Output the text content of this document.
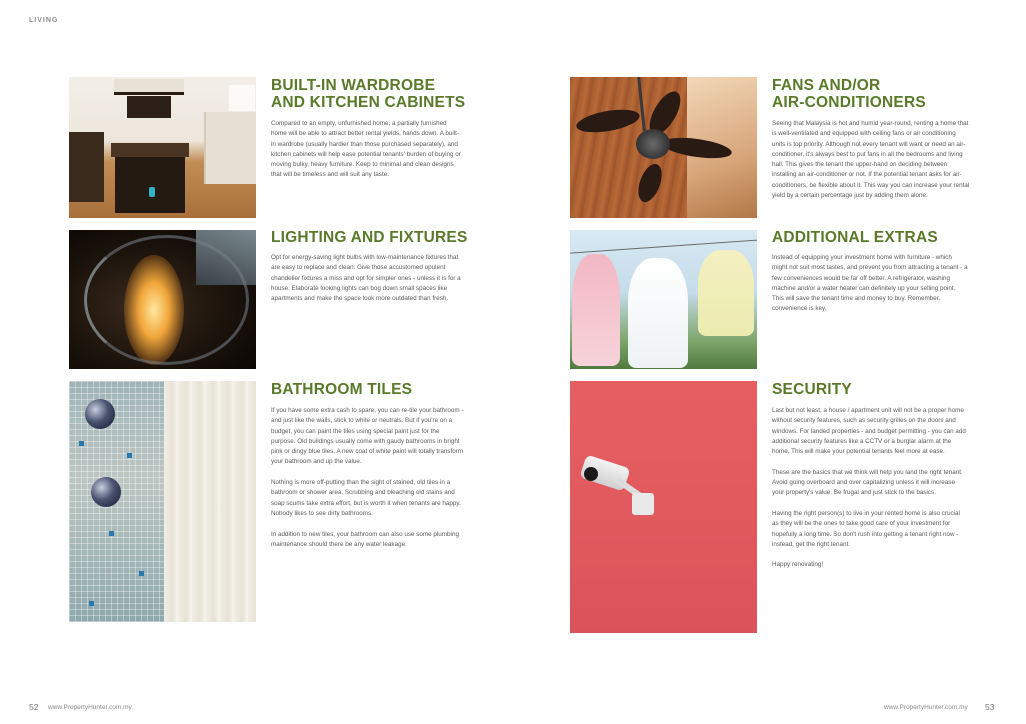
LIVING
BUILT-IN WARDROBE
AND KITCHEN CABINETS

Compared to an empty, unfurnished home, a partially furnished home will be able to attract better rental yields, hands down. A built-in wardrobe (usually hardier than those purchased separately), and kitchen cabinets will help ease potential tenants' burden of buying or moving bulky, heavy furniture. Keep to minimal and clean designs that will be timeless and will suit any taste.

LIGHTING AND FIXTURES

Opt for energy-saving light bulbs with low-maintenance fixtures that are easy to replace and clean. Give those accustomed opulent chandelier fixtures a miss and opt for simpler ones - unless it is for a house. Elaborate looking lights can bog down small spaces like apartments and make the space look more outdated than fresh.

BATHROOM TILES

If you have some extra cash to spare, you can re-tile your bathroom - and just like the walls, stick to white or neutrals. But if you're on a budget, you can paint the tiles using special paint just for the purpose. Old buildings usually come with gaudy bathrooms in bright pink or dingy blue tiles. A new coat of white paint will totally transform your bathroom and up the value.

Nothing is more off-putting than the sight of stained, old tiles in a bathroom or shower area. Scrubbing and bleaching old stains and soap scums take extra effort, but is worth it when tenants are happy. Nobody likes to see dirty bathrooms.

In addition to new tiles, your bathroom can also use some plumbing maintenance should there be any water leakage.

FANS AND/OR
AIR-CONDITIONERS

Seeing that Malaysia is hot and humid year-round, renting a home that is well-ventilated and equipped with ceiling fans or air conditioning units is top priority. Although not every tenant will want or need an air-conditioner, it's always best to put fans in all the bedrooms and living hall. This gives the tenant the upper-hand on deciding between installing an air-conditioner or not. If the potential tenant asks for air-conditioners, be flexible about it. This way you can increase your rental yield by a certain percentage just by adding them alone.

ADDITIONAL EXTRAS

Instead of equipping your investment home with furniture - which might not suit most tastes, and prevent you from attracting a tenant - a few conveniences would be far off better. A refrigerator, washing machine and/or a water heater can definitely up your selling point. This will save the tenant time and money to buy. Remember, convenience is key.

SECURITY

Last but not least, a house / apartment unit will not be a proper home without security features, such as security grilles on the doors and windows. For landed properties - and budget permitting - you can add additional security features like a CCTV or a burglar alarm at the home. This will make your potential tenants feel more at ease.

These are the basics that we think will help you land the right tenant. Avoid going overboard and over capitalizing unless it will increase your property's value. Be frugal and just stick to the basics.

Having the right person(s) to live in your rented home is also crucial as they will be the ones to take good care of your investment for hopefully a long time. So don't rush into getting a tenant right now - instead, get the right tenant.

Happy renovating!

52 www.PropertyHunter.com.my	www.PropertyHunter.com.my 53
